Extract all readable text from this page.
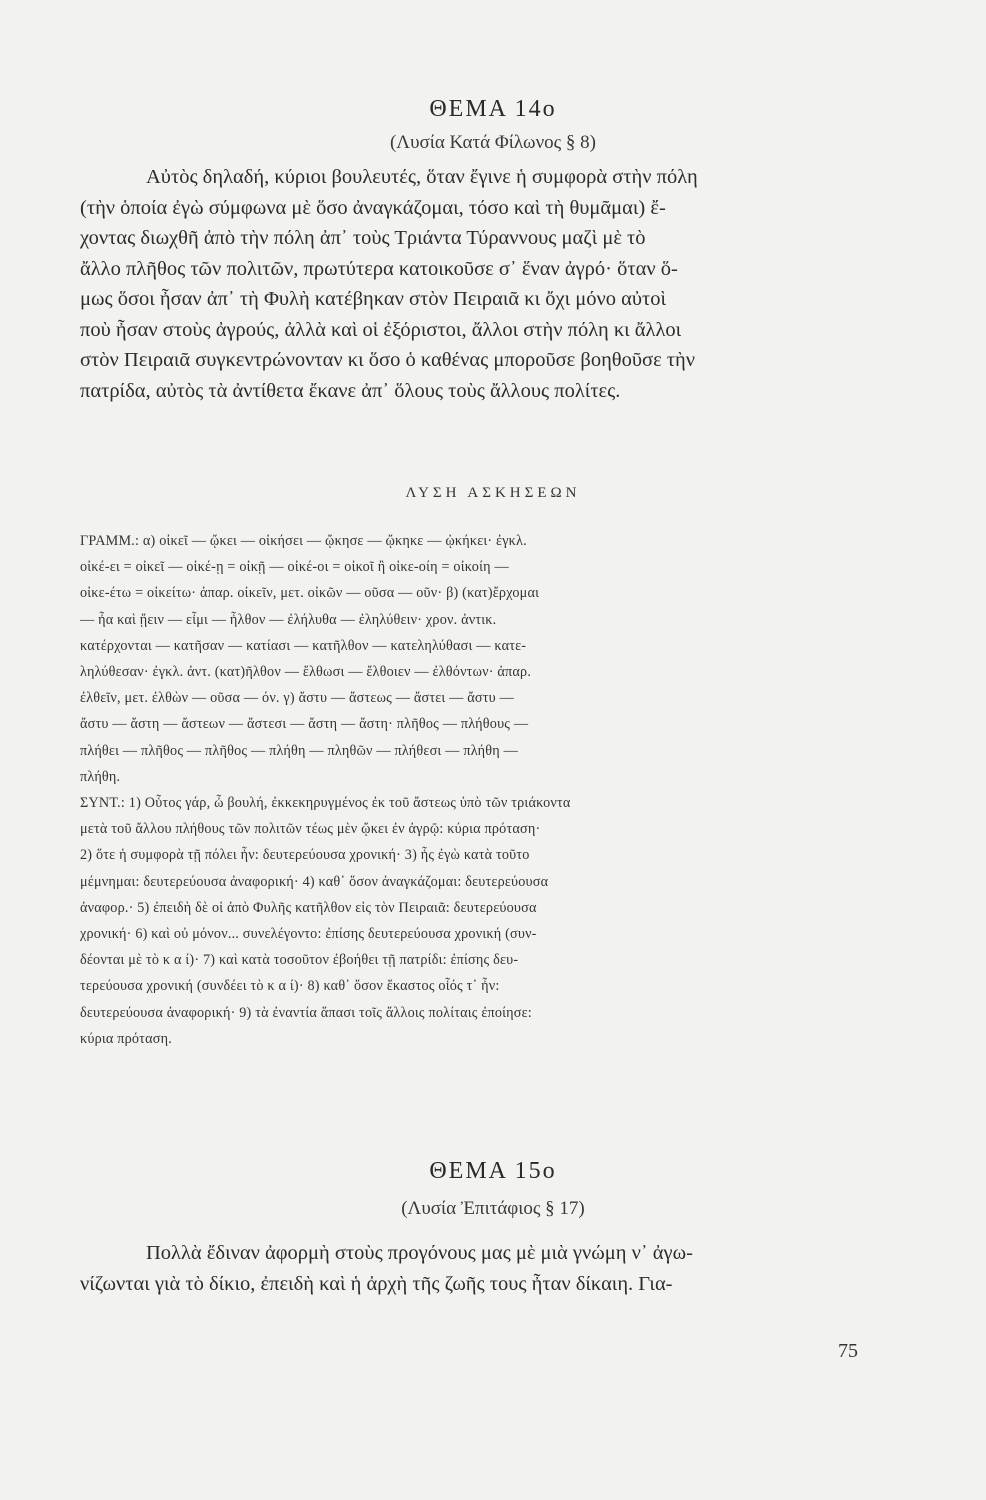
ΘΕΜΑ 14ο
(Λυσία Κατά Φίλωνος § 8)
Αὐτὸς δηλαδή, κύριοι βουλευτές, ὅταν ἔγινε ἡ συμφορὰ στὴν πόλη
(τὴν ὁποία ἐγὼ σύμφωνα μὲ ὅσο ἀναγκάζομαι, τόσο καὶ τὴ θυμᾶμαι) ἔ-
χοντας διωχθῆ ἀπὸ τὴν πόλη ἀπ᾿ τοὺς Τριάντα Τύραννους μαζὶ μὲ τὸ
ἄλλο πλῆθος τῶν πολιτῶν, πρωτύτερα κατοικοῦσε σ᾿ ἕναν ἀγρό· ὅταν ὅ-
μως ὅσοι ἦσαν ἀπ᾿ τὴ Φυλὴ κατέβηκαν στὸν Πειραιᾶ κι ὄχι μόνο αὐτοὶ
ποὺ ἦσαν στοὺς ἀγρούς, ἀλλὰ καὶ οἱ ἐξόριστοι, ἄλλοι στὴν πόλη κι ἄλλοι
στὸν Πειραιᾶ συγκεντρώνονταν κι ὅσο ὁ καθένας μποροῦσε βοηθοῦσε τὴν
πατρίδα, αὐτὸς τὰ ἀντίθετα ἔκανε ἀπ᾿ ὅλους τοὺς ἄλλους πολίτες.
ΛΥΣΗ ΑΣΚΗΣΕΩΝ
ΓΡΑΜΜ.: α) οἰκεῖ — ᾤκει — οἰκήσει — ᾤκησε — ᾤκηκε — ᾠκήκει· ἐγκλ.
οἰκέ-ει = οἰκεῖ — οἰκέ-ῃ = οἰκῇ — οἰκέ-οι = οἰκοῖ ἢ οἰκε-οίη = οἰκοίη —
οἰκε-έτω = οἰκείτω· ἀπαρ. οἰκεῖν, μετ. οἰκῶν — οῦσα — οῦν· β) (κατ)ἔρχομαι
— ἦα καὶ ᾔειν — εἶμι — ἦλθον — ἐλήλυθα — ἐληλύθειν· χρον. ἀντικ.
κατέρχονται — κατῆσαν — κατίασι — κατῆλθον — κατεληλύθασι — κατε-
ληλύθεσαν· ἐγκλ. ἀντ. (κατ)ῆλθον — ἔλθωσι — ἔλθοιεν — ἐλθόντων· ἀπαρ.
ἐλθεῖν, μετ. ἐλθὼν — οῦσα — όν. γ) ἄστυ — ἄστεως — ἄστει — ἄστυ —
ἄστυ — ἄστη — ἄστεων — ἄστεσι — ἄστη — ἄστη· πλῆθος — πλήθους —
πλήθει — πλῆθος — πλῆθος — πλήθη — πληθῶν — πλήθεσι — πλήθη —
πλήθη.
ΣΥΝΤ.: 1) Οὗτος γάρ, ὦ βουλή, ἐκκεκηρυγμένος ἐκ τοῦ ἄστεως ὑπὸ τῶν τριάκοντα
μετὰ τοῦ ἄλλου πλήθους τῶν πολιτῶν τέως μὲν ᾤκει ἐν ἀγρῷ: κύρια πρόταση·
2) ὅτε ἡ συμφορὰ τῇ πόλει ἦν: δευτερεύουσα χρονική· 3) ἧς ἐγὼ κατὰ τοῦτο
μέμνημαι: δευτερεύουσα ἀναφορική· 4) καθ᾿ ὅσον ἀναγκάζομαι: δευτερεύουσα
ἀναφορ.· 5) ἐπειδὴ δὲ οἱ ἀπὸ Φυλῆς κατῆλθον εἰς τὸν Πειραιᾶ: δευτερεύουσα
χρονική· 6) καὶ οὐ μόνον... συνελέγοντο: ἐπίσης δευτερεύουσα χρονική (συν-
δέονται μὲ τὸ κ α ί)· 7) καὶ κατὰ τοσοῦτον ἐβοήθει τῇ πατρίδι: ἐπίσης δευ-
τερεύουσα χρονική (συνδέει τὸ κ α ί)· 8) καθ᾿ ὅσον ἕκαστος οἷός τ᾿ ἦν:
δευτερεύουσα ἀναφορική· 9) τὰ ἐναντία ἅπασι τοῖς ἄλλοις πολίταις ἐποίησε:
κύρια πρόταση.
ΘΕΜΑ 15ο
(Λυσία Ἐπιτάφιος § 17)
Πολλὰ ἔδιναν ἀφορμὴ στοὺς προγόνους μας μὲ μιὰ γνώμη ν᾿ ἀγω-
νίζωνται γιὰ τὸ δίκιο, ἐπειδὴ καὶ ἡ ἀρχὴ τῆς ζωῆς τους ἦταν δίκαιη. Για-
75
